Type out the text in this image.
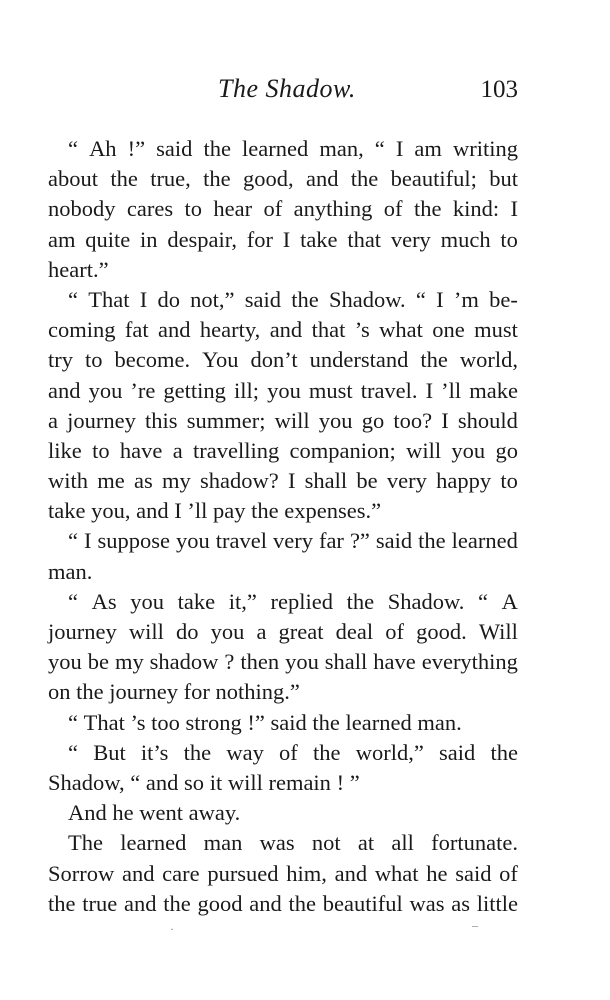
The Shadow.	103
“ Ah !” said the learned man, “ I am writing
about the true, the good, and the beautiful; but
nobody cares to hear of anything of the kind: I
am quite in despair, for I take that very much to
heart.”
“ That I do not,” said the Shadow. “ I ’m be-
coming fat and hearty, and that ’s what one must
try to become. You don’t understand the world,
and you ’re getting ill; you must travel. I ’ll make
a journey this summer; will you go too? I should
like to have a travelling companion; will you go
with me as my shadow? I shall be very happy to
take you, and I ’ll pay the expenses.”
“ I suppose you travel very far ?” said the learned
man.
“ As you take it,” replied the Shadow. “ A
journey will do you a great deal of good. Will
you be my shadow ? then you shall have everything
on the journey for nothing.”
“ That ’s too strong !” said the learned man.
“ But it’s the way of the world,” said the
Shadow, “ and so it will remain ! ”
And he went away.
The learned man was not at all fortunate.
Sorrow and care pursued him, and what he said of
the true and the good and the beautiful was as little
·	–
